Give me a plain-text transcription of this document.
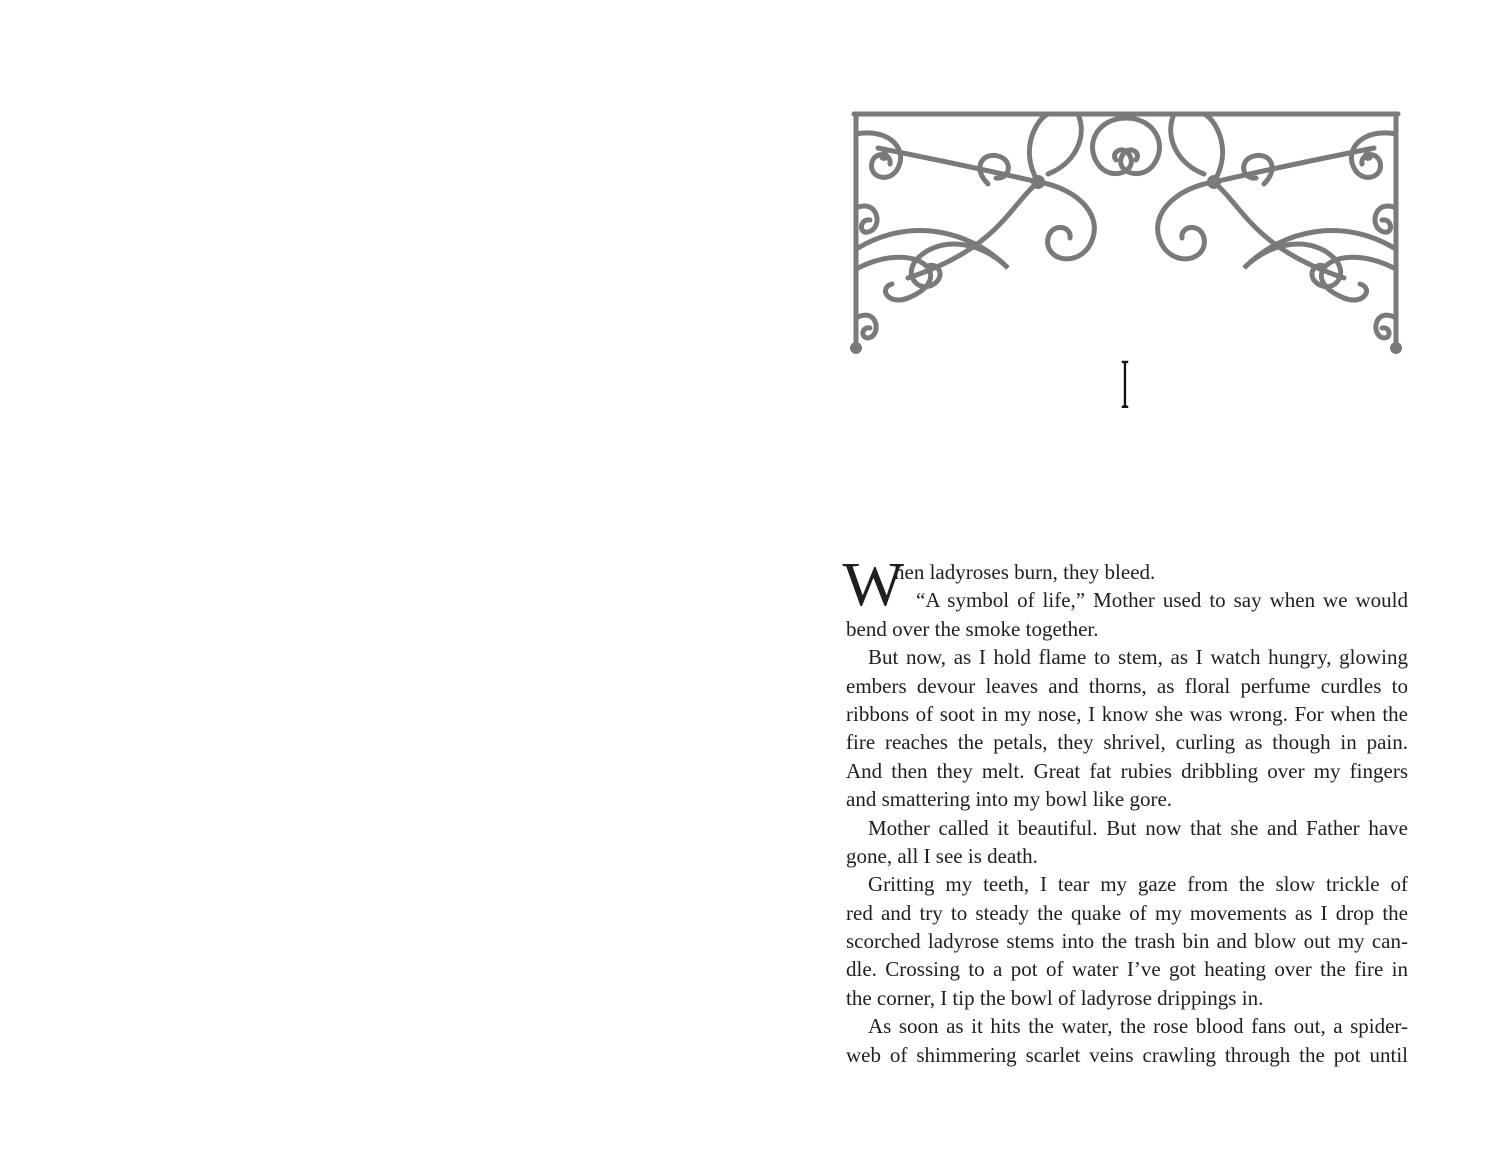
I
W
hen ladyroses burn, they bleed.
“A symbol of life,” Mother used to say when we would
bend over the smoke together.
But now, as I hold flame to stem, as I watch hungry, glowing
embers devour leaves and thorns, as floral perfume curdles to
ribbons of soot in my nose, I know she was wrong. For when the
fire reaches the petals, they shrivel, curling as though in pain.
And then they melt. Great fat rubies dribbling over my fingers
and smattering into my bowl like gore.
Mother called it beautiful. But now that she and Father have
gone, all I see is death.
Gritting my teeth, I tear my gaze from the slow trickle of
red and try to steady the quake of my movements as I drop the
scorched ladyrose stems into the trash bin and blow out my can-
dle. Crossing to a pot of water I’ve got heating over the fire in
the corner, I tip the bowl of ladyrose drippings in.
As soon as it hits the water, the rose blood fans out, a spider-
web of shimmering scarlet veins crawling through the pot until
